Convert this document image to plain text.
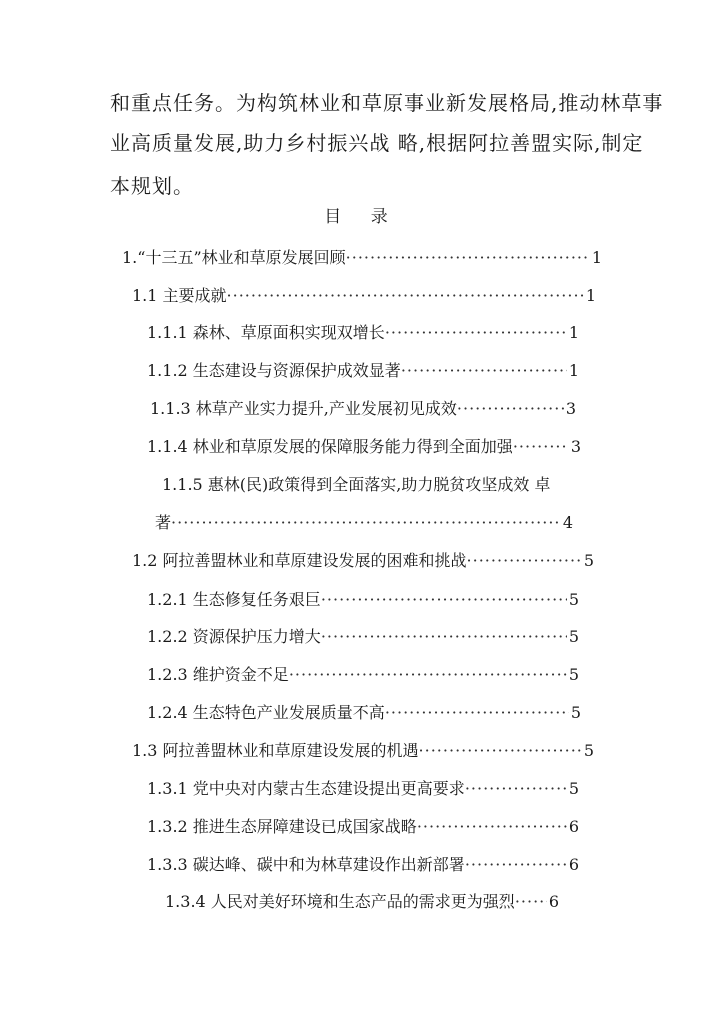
和重点任务。为构筑林业和草原事业新发展格局,推动林草事
业高质量发展,助力乡村振兴战 略,根据阿拉善盟实际,制定
本规划。
目 录
1.“十三五”林业和草原发展回顾 ·····	1
1.1 主要成就 ·····	1
1.1.1 森林、草原面积实现双增长 ·····	1
1.1.2 生态建设与资源保护成效显著 ·····	1
1.1.3 林草产业实力提升,产业发展初见成效 ·····	3
1.1.4 林业和草原发展的保障服务能力得到全面加强 ·····	3
1.1.5 惠林(民)政策得到全面落实,助力脱贫攻坚成效 卓
著 ·····	4
1.2 阿拉善盟林业和草原建设发展的困难和挑战 ·····	5
1.2.1 生态修复任务艰巨 ·····	5
1.2.2 资源保护压力增大 ·····	5
1.2.3 维护资金不足 ·····	5
1.2.4 生态特色产业发展质量不高 ·····	5
1.3 阿拉善盟林业和草原建设发展的机遇 ·····	5
1.3.1 党中央对内蒙古生态建设提出更高要求 ·····	5
1.3.2 推进生态屏障建设已成国家战略 ·····	6
1.3.3 碳达峰、碳中和为林草建设作出新部署 ·····	6
1.3.4 人民对美好环境和生态产品的需求更为强烈 ····· 6
